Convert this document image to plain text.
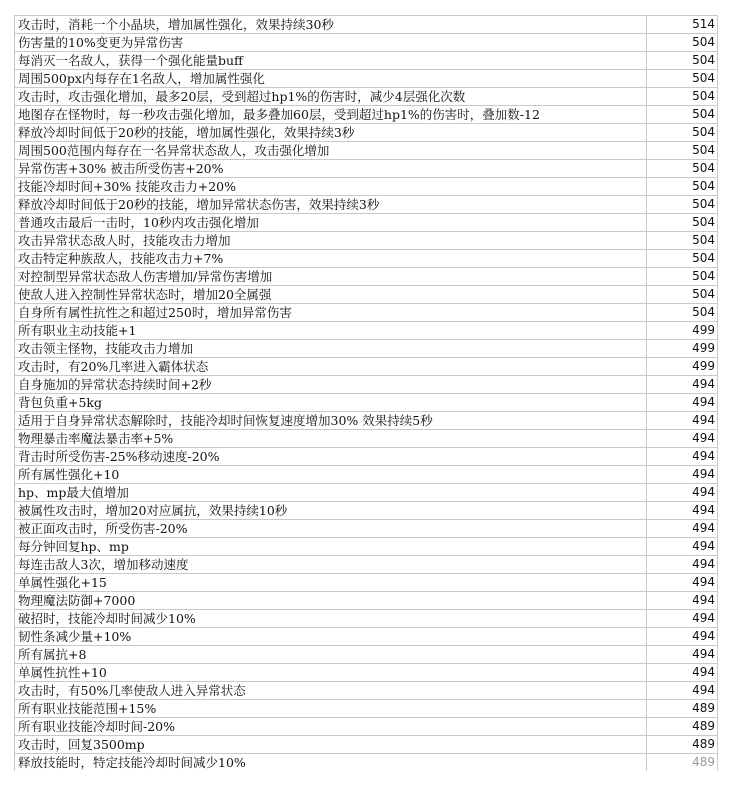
攻击时，消耗一个小晶块，增加属性强化，效果持续30秒	514
伤害量的10%变更为异常伤害	504
每消灭一名敌人，获得一个强化能量buff	504
周围500px内每存在1名敌人，增加属性强化	504
攻击时，攻击强化增加，最多20层，受到超过hp1%的伤害时，减少4层强化次数	504
地图存在怪物时，每一秒攻击强化增加，最多叠加60层，受到超过hp1%的伤害时，叠加数-12	504
释放冷却时间低于20秒的技能，增加属性强化，效果持续3秒	504
周围500范围内每存在一名异常状态敌人，攻击强化增加	504
异常伤害+30% 被击所受伤害+20%	504
技能冷却时间+30% 技能攻击力+20%	504
释放冷却时间低于20秒的技能，增加异常状态伤害，效果持续3秒	504
普通攻击最后一击时，10秒内攻击强化增加	504
攻击异常状态敌人时，技能攻击力增加	504
攻击特定种族敌人，技能攻击力+7%	504
对控制型异常状态敌人伤害增加/异常伤害增加	504
使敌人进入控制性异常状态时，增加20全属强	504
自身所有属性抗性之和超过250时，增加异常伤害	504
所有职业主动技能+1	499
攻击领主怪物，技能攻击力增加	499
攻击时，有20%几率进入霸体状态	499
自身施加的异常状态持续时间+2秒	494
背包负重+5kg	494
适用于自身异常状态解除时，技能冷却时间恢复速度增加30% 效果持续5秒	494
物理暴击率魔法暴击率+5%	494
背击时所受伤害-25%移动速度-20%	494
所有属性强化+10	494
hp、mp最大值增加	494
被属性攻击时，增加20对应属抗，效果持续10秒	494
被正面攻击时，所受伤害-20%	494
每分钟回复hp、mp	494
每连击敌人3次，增加移动速度	494
单属性强化+15	494
物理魔法防御+7000	494
破招时，技能冷却时间减少10%	494
韧性条减少量+10%	494
所有属抗+8	494
单属性抗性+10	494
攻击时，有50%几率使敌人进入异常状态	494
所有职业技能范围+15%	489
所有职业技能冷却时间-20%	489
攻击时，回复3500mp	489
释放技能时，特定技能冷却时间减少10%	489
